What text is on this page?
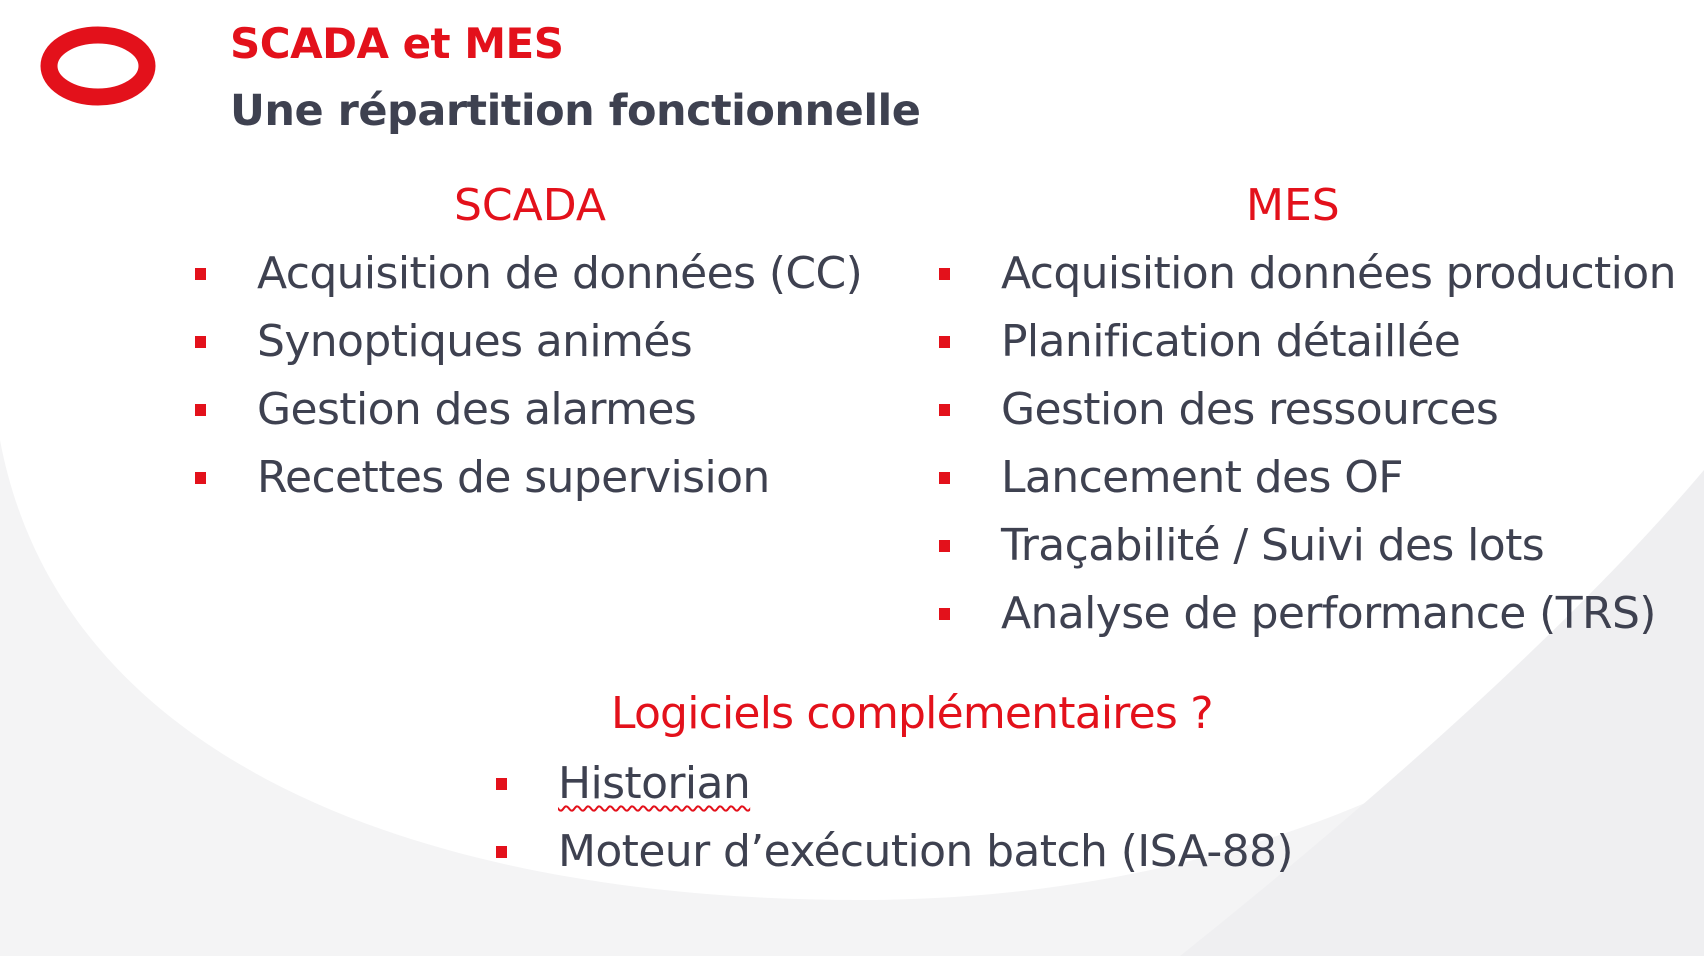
SCADA et MES
Une répartition fonctionnelle
SCADA
Acquisition de données (CC)
Synoptiques animés
Gestion des alarmes
Recettes de supervision
MES
Acquisition données production
Planification détaillée
Gestion des ressources
Lancement des OF
Traçabilité / Suivi des lots
Analyse de performance (TRS)
Logiciels complémentaires ?
Historian
Moteur d’exécution batch (ISA-88)
